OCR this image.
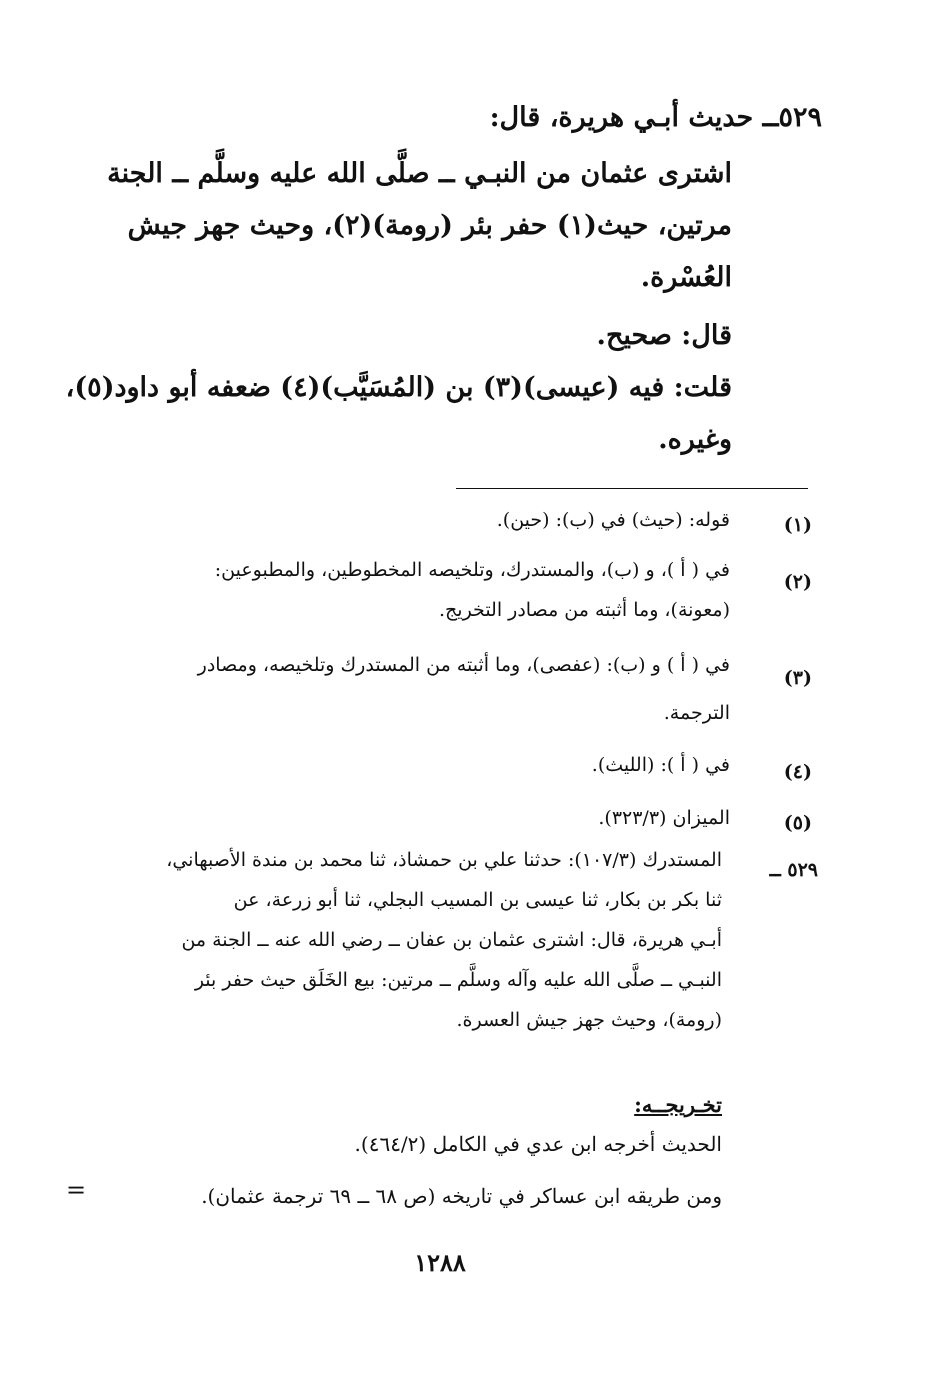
٥٢٩ــ حديث أبـي هريرة، قال:
اشترى عثمان من النبـي ــ صلَّى الله عليه وسلَّم ــ الجنة
مرتين، حيث(١) حفر بئر (رومة)(٢)، وحيث جهز جيش
العُسْرة.
قال: صحيح.
قلت: فيه (عيسى)(٣) بن (المُسَيَّب)(٤) ضعفه أبو داود(٥)،
وغيره.
(١)
قوله: (حيث) في (ب): (حين).
(٢)
في ( أ )، و (ب)، والمستدرك، وتلخيصه المخطوطين، والمطبوعين:
(معونة)، وما أثبته من مصادر التخريج.
(٣)
في ( أ ) و (ب): (عفصى)، وما أثبته من المستدرك وتلخيصه، ومصادر
الترجمة.
(٤)
في ( أ ): (الليث).
(٥)
الميزان (٣٢٣/٣).
٥٢٩ ــ
المستدرك (١٠٧/٣): حدثنا علي بن حمشاذ، ثنا محمد بن مندة الأصبهاني،
ثنا بكر بن بكار، ثنا عيسى بن المسيب البجلي، ثنا أبو زرعة، عن
أبـي هريرة، قال: اشترى عثمان بن عفان ــ رضي الله عنه ــ الجنة من
النبـي ــ صلَّى الله عليه وآله وسلَّم ــ مرتين: بيع الخَلَق حيث حفر بئر
(رومة)، وحيث جهز جيش العسرة.
تخـريجــه:
الحديث أخرجه ابن عدي في الكامل (٤٦٤/٢).
ومن طريقه ابن عساكر في تاريخه (ص ٦٨ ــ ٦٩ ترجمة عثمان).
=
١٢٨٨
